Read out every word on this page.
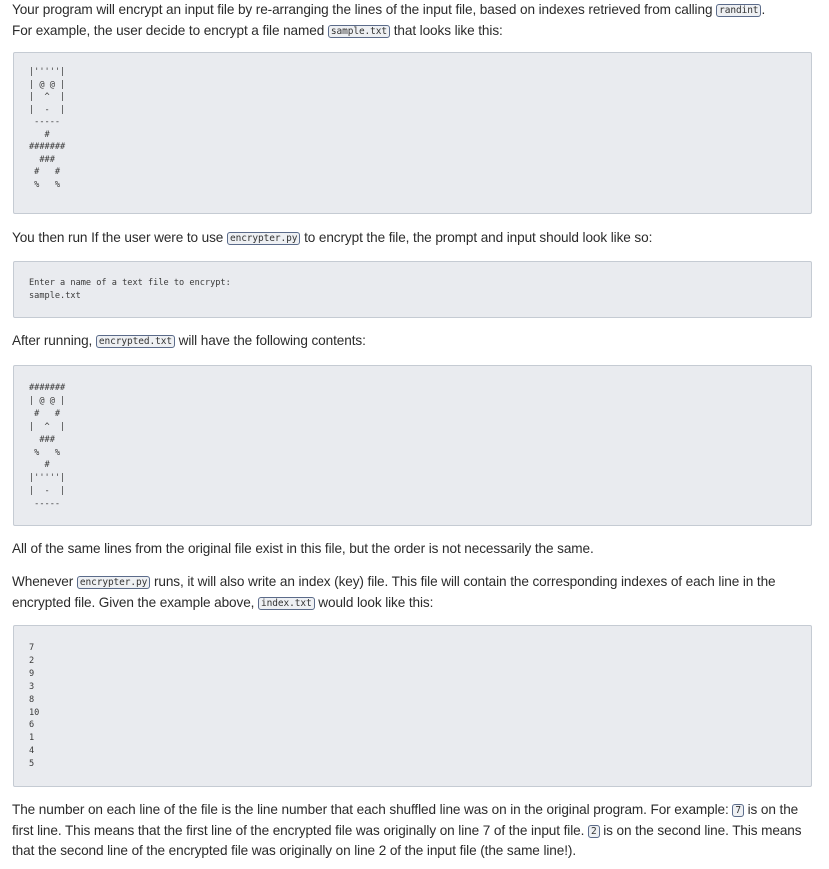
Your program will encrypt an input file by re-arranging the lines of the input file, based on indexes retrieved from calling randint .
For example, the user decide to encrypt a file named sample.txt that looks like this:

|'''''|
| @ @ |
|  ^  |
|  -  |
-----
#
#######
###
#   #
%   %

You then run If the user were to use encrypter.py to encrypt the file, the prompt and input should look like so:

Enter a name of a text file to encrypt:
sample.txt

After running, encrypted.txt will have the following contents:

#######
| @ @ |
#   #
|  ^  |
###
%   %
#
|'''''|
|  -  |
-----

All of the same lines from the original file exist in this file, but the order is not necessarily the same.

Whenever encrypter.py runs, it will also write an index (key) file. This file will contain the corresponding indexes of each line in the encrypted file. Given the example above, index.txt would look like this:

7
2
9
3
8
10
6
1
4
5

The number on each line of the file is the line number that each shuffled line was on in the original program. For example: 7 is on the first line. This means that the first line of the encrypted file was originally on line 7 of the input file. 2 is on the second line. This means that the second line of the encrypted file was originally on line 2 of the input file (the same line!).
